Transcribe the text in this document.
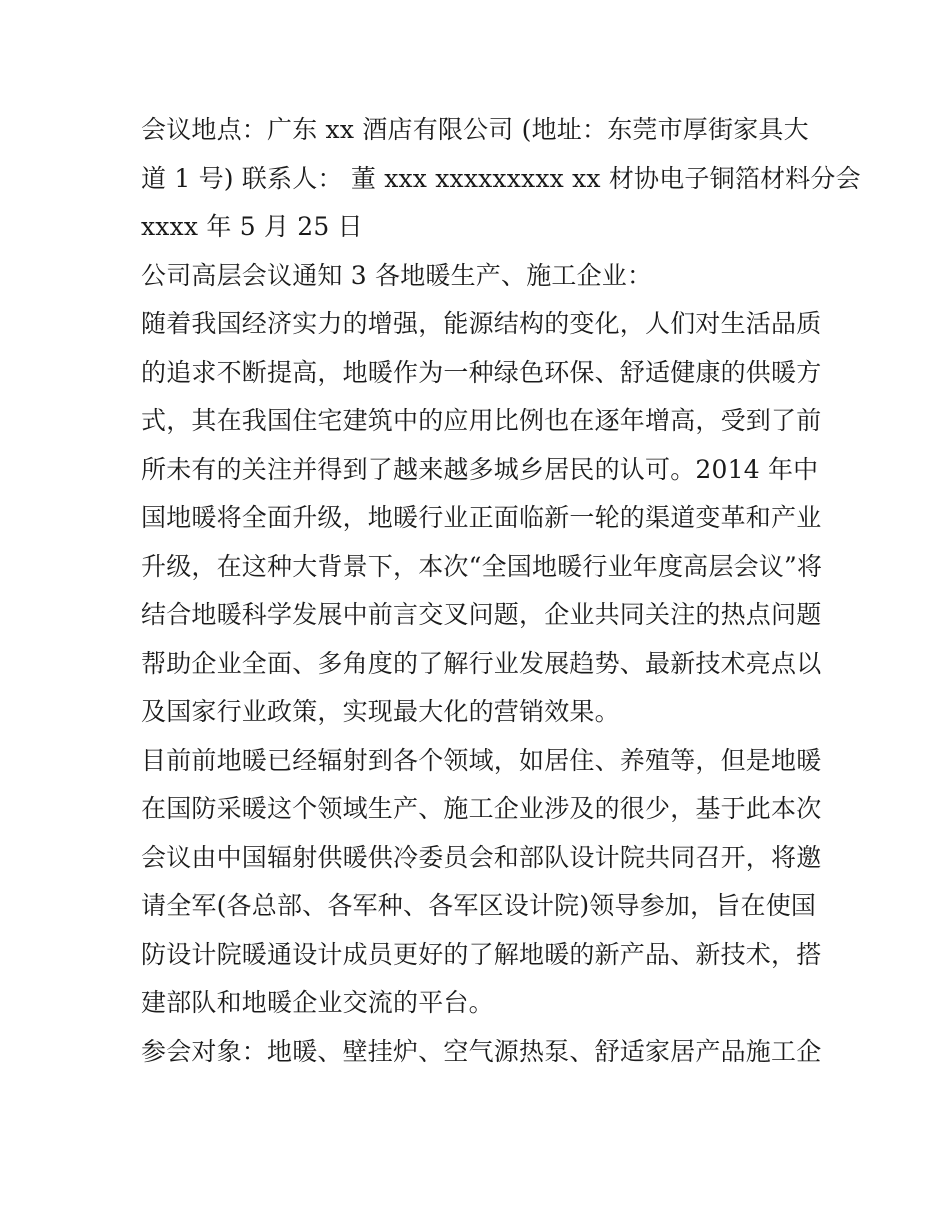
会议地点：广东 xx 酒店有限公司 (地址：东莞市厚街家具大
道 1 号) 联系人： 董 xxx xxxxxxxxx xx 材协电子铜箔材料分会
xxxx 年 5 月 25 日
公司高层会议通知 3 各地暖生产、施工企业：
随着我国经济实力的增强，能源结构的变化，人们对生活品质
的追求不断提高，地暖作为一种绿色环保、舒适健康的供暖方
式，其在我国住宅建筑中的应用比例也在逐年增高，受到了前
所未有的关注并得到了越来越多城乡居民的认可。2014 年中
国地暖将全面升级，地暖行业正面临新一轮的渠道变革和产业
升级，在这种大背景下，本次“全国地暖行业年度高层会议”将
结合地暖科学发展中前言交叉问题，企业共同关注的热点问题
帮助企业全面、多角度的了解行业发展趋势、最新技术亮点以
及国家行业政策，实现最大化的营销效果。
目前前地暖已经辐射到各个领域，如居住、养殖等，但是地暖
在国防采暖这个领域生产、施工企业涉及的很少，基于此本次
会议由中国辐射供暖供冷委员会和部队设计院共同召开，将邀
请全军(各总部、各军种、各军区设计院)领导参加，旨在使国
防设计院暖通设计成员更好的了解地暖的新产品、新技术，搭
建部队和地暖企业交流的平台。
参会对象：地暖、壁挂炉、空气源热泵、舒适家居产品施工企
